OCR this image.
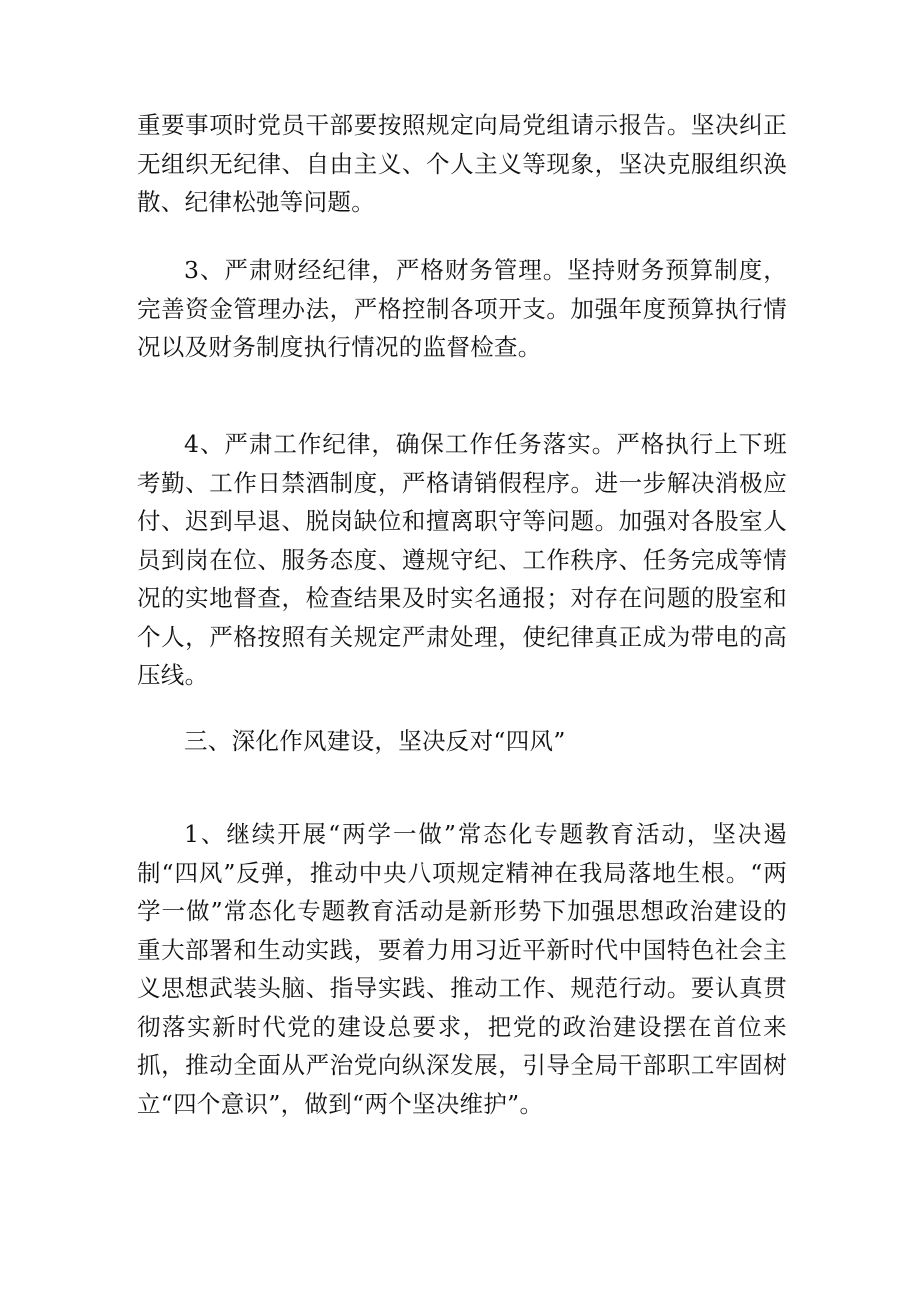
重要事项时党员干部要按照规定向局党组请示报告。坚决纠正无组织无纪律、自由主义、个人主义等现象，坚决克服组织涣散、纪律松弛等问题。

3、严肃财经纪律，严格财务管理。坚持财务预算制度，完善资金管理办法，严格控制各项开支。加强年度预算执行情况以及财务制度执行情况的监督检查。

4、严肃工作纪律，确保工作任务落实。严格执行上下班考勤、工作日禁酒制度，严格请销假程序。进一步解决消极应付、迟到早退、脱岗缺位和擅离职守等问题。加强对各股室人员到岗在位、服务态度、遵规守纪、工作秩序、任务完成等情况的实地督查，检查结果及时实名通报；对存在问题的股室和个人，严格按照有关规定严肃处理，使纪律真正成为带电的高压线。

三、深化作风建设，坚决反对“四风”

1、继续开展“两学一做”常态化专题教育活动，坚决遏制“四风”反弹，推动中央八项规定精神在我局落地生根。“两学一做”常态化专题教育活动是新形势下加强思想政治建设的重大部署和生动实践，要着力用习近平新时代中国特色社会主义思想武装头脑、指导实践、推动工作、规范行动。要认真贯彻落实新时代党的建设总要求，把党的政治建设摆在首位来抓，推动全面从严治党向纵深发展，引导全局干部职工牢固树立“四个意识”，做到“两个坚决维护”。
